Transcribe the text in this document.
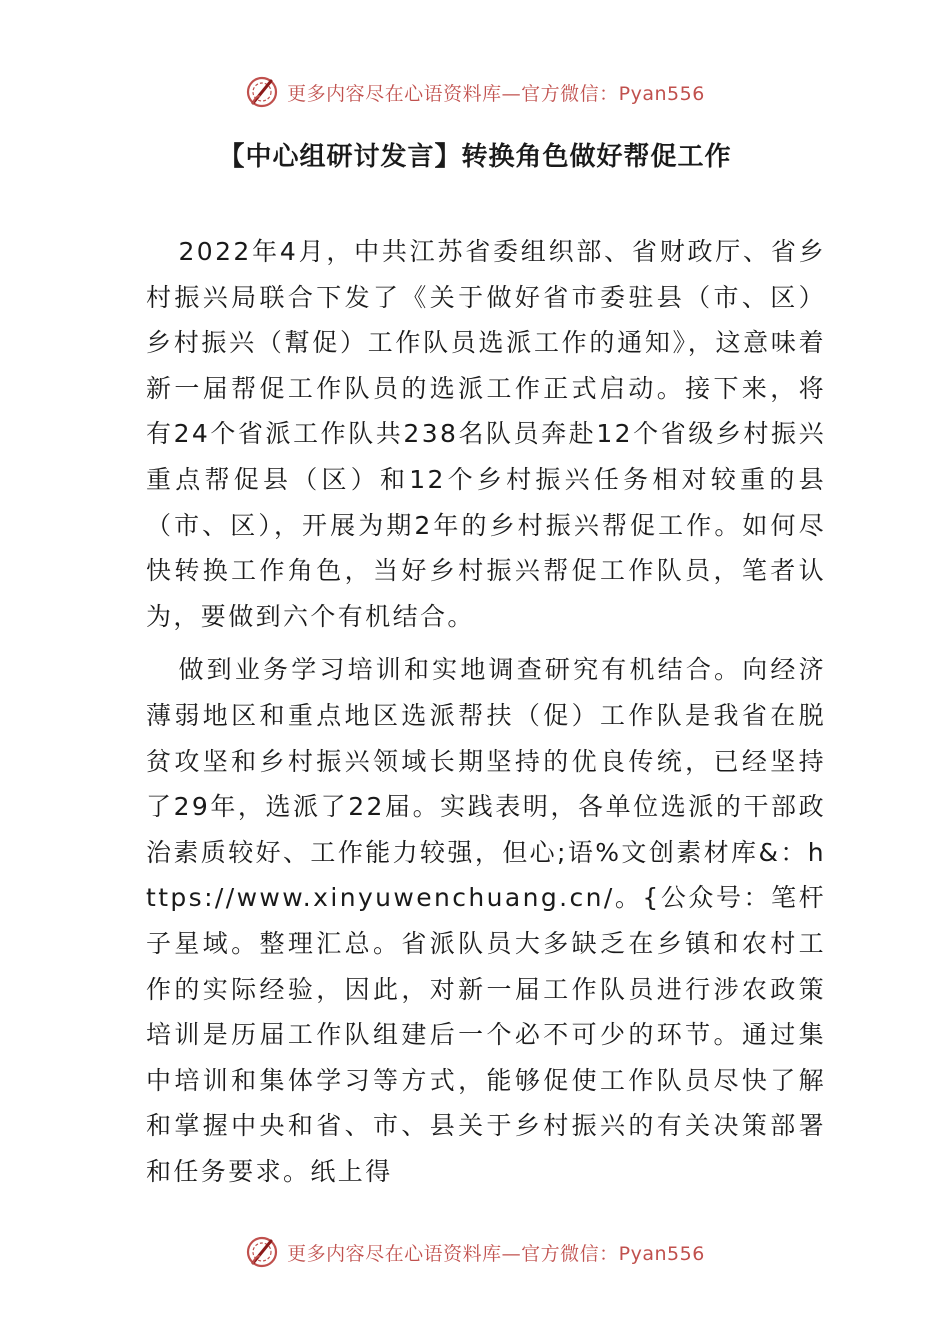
更多内容尽在心语资料库—官方微信：Pyan556
【中心组研讨发言】转换角色做好帮促工作

2022年4月，中共江苏省委组织部、省财政厅、省乡村振兴局联合下发了《关于做好省市委驻县（市、区）乡村振兴（幫促）工作队员选派工作的通知》，这意味着新一届帮促工作队员的选派工作正式启动。接下来，将有24个省派工作队共238名队员奔赴12个省级乡村振兴重点帮促县（区）和12个乡村振兴任务相对较重的县（市、区），开展为期2年的乡村振兴帮促工作。如何尽快转换工作角色，当好乡村振兴帮促工作队员，笔者认为，要做到六个有机结合。

做到业务学习培训和实地调查研究有机结合。向经济薄弱地区和重点地区选派帮扶（促）工作队是我省在脱贫攻坚和乡村振兴领域长期坚持的优良传统，已经坚持了29年，选派了22届。实践表明，各单位选派的干部政治素质较好、工作能力较强，但心;语%文创素材库&：https://www.xinyuwenchuang.cn/。{公众号：笔杆子星域。整理汇总。省派队员大多缺乏在乡镇和农村工作的实际经验，因此，对新一届工作队员进行涉农政策培训是历届工作队组建后一个必不可少的环节。通过集中培训和集体学习等方式，能够促使工作队员尽快了解和掌握中央和省、市、县关于乡村振兴的有关决策部署和任务要求。纸上得

更多内容尽在心语资料库—官方微信：Pyan556
